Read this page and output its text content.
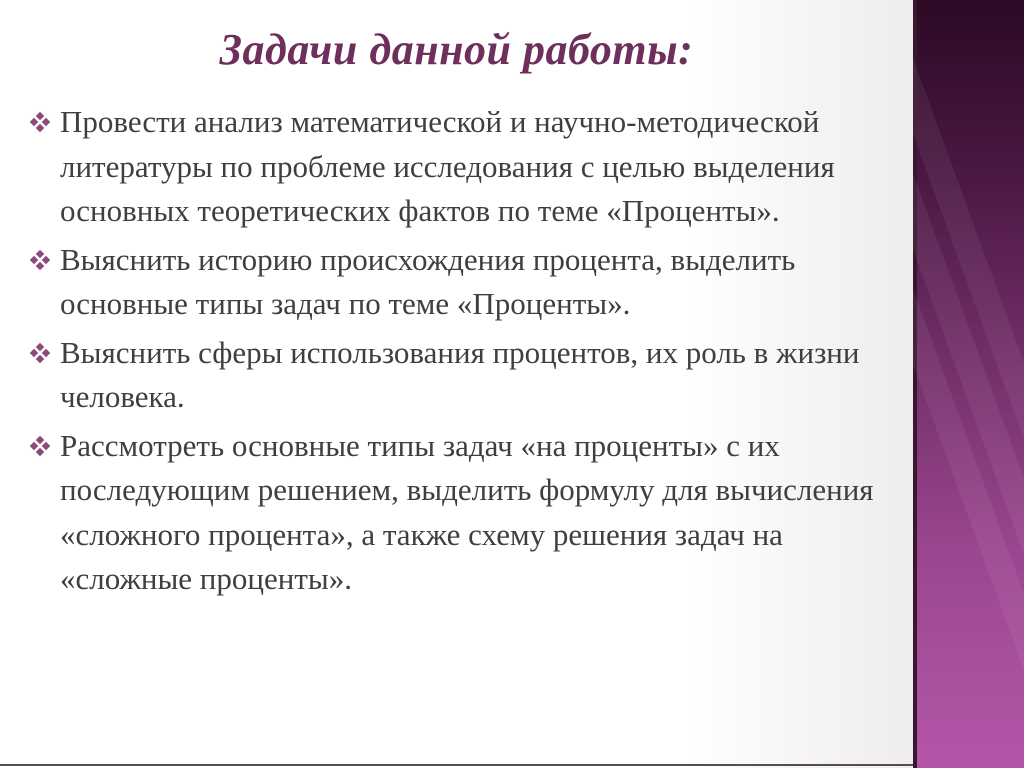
Задачи данной работы:
Провести анализ математической и научно-методической литературы по проблеме исследования с целью выделения основных теоретических фактов по теме «Проценты».
Выяснить историю происхождения процента, выделить основные типы задач по теме «Проценты».
Выяснить сферы использования процентов, их роль в жизни человека.
Рассмотреть основные типы задач «на проценты» с их последующим решением, выделить формулу для вычисления «сложного процента», а также схему решения задач на «сложные проценты».
